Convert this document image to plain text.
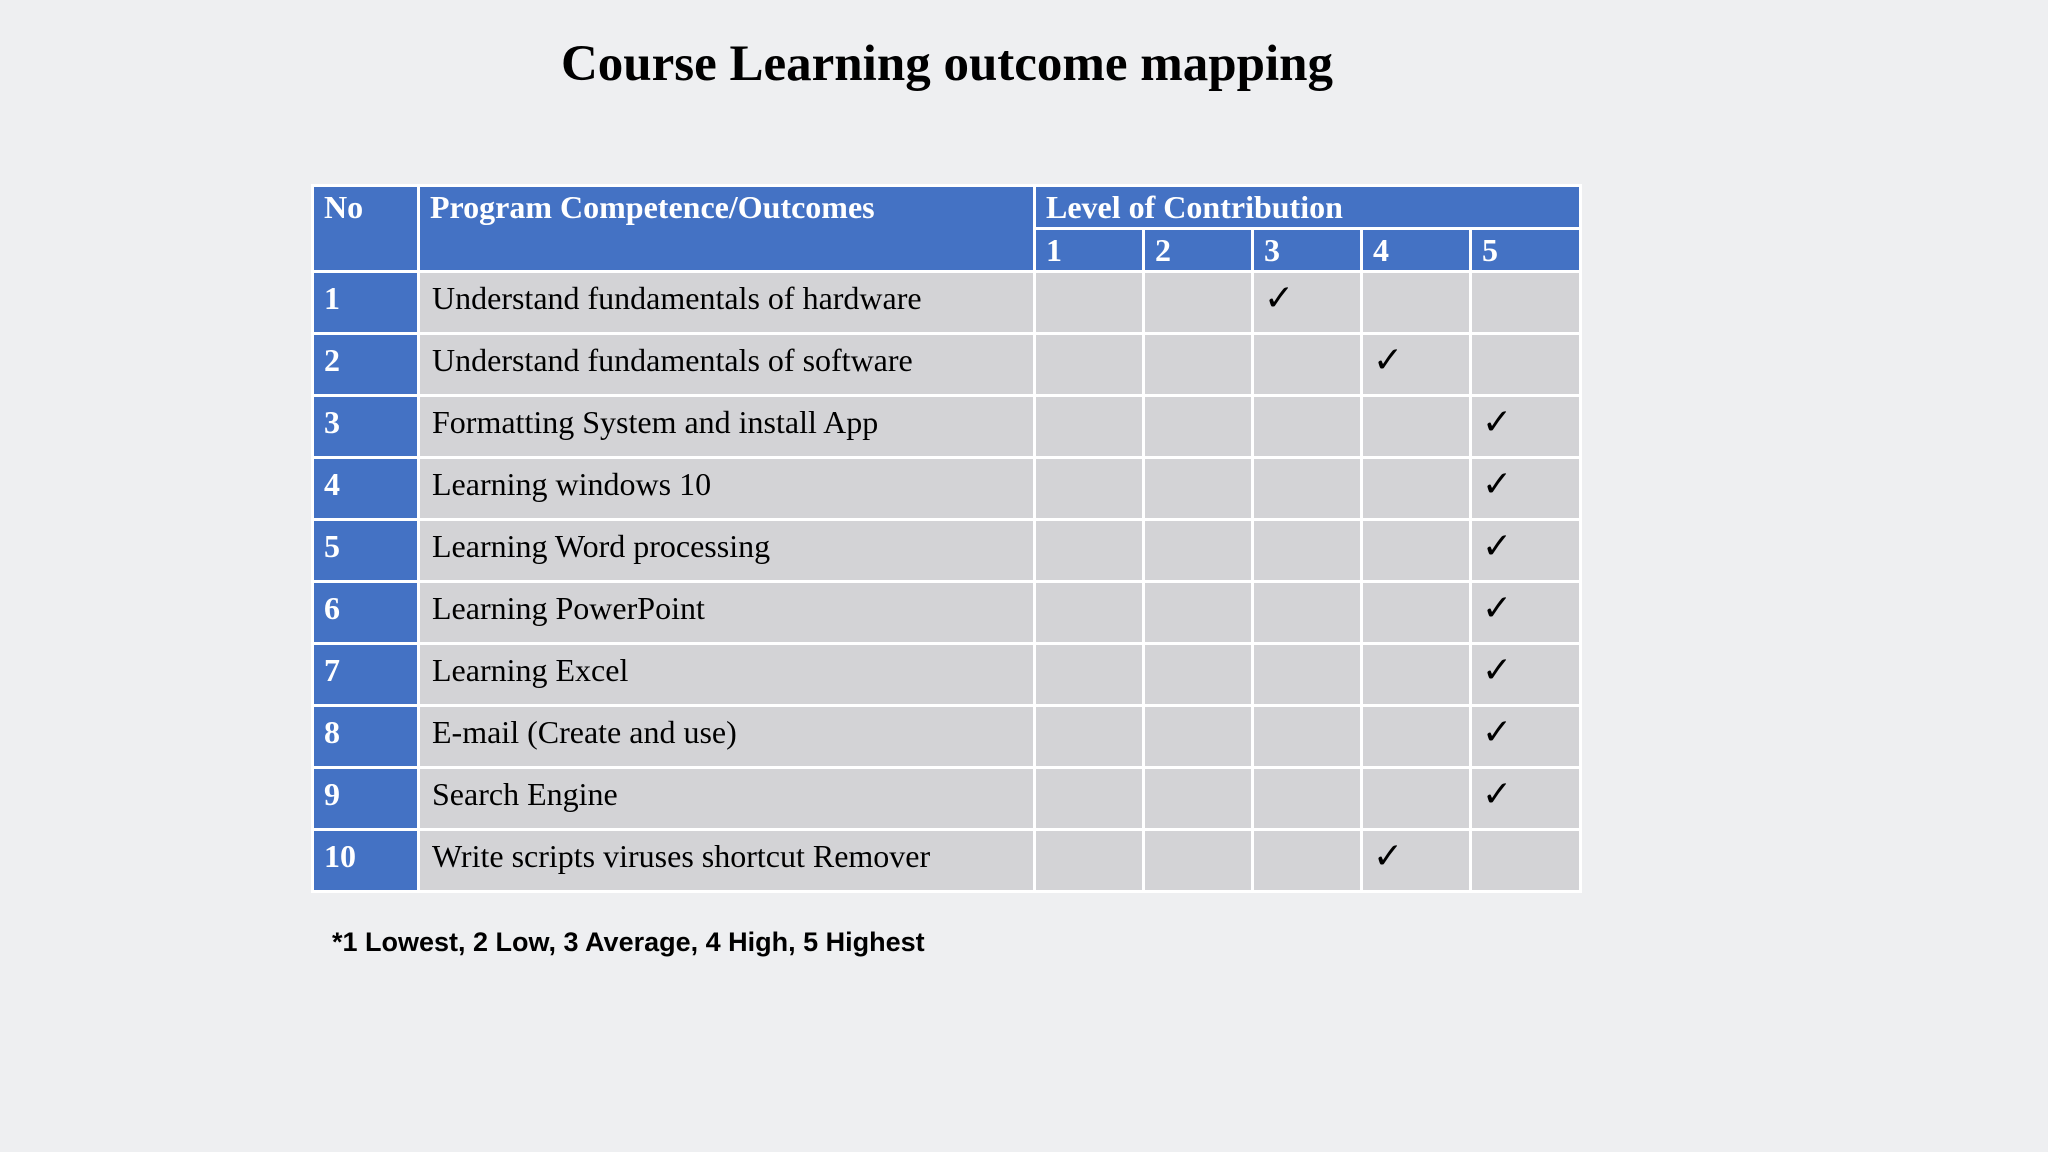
Course Learning outcome mapping
No	Program Competence/Outcomes	Level of Contribution				
		1	2	3	4	5
1	Understand fundamentals of hardware			✓		
2	Understand fundamentals of software				✓	
3	Formatting System and install App					✓
4	Learning windows 10					✓
5	Learning Word processing					✓
6	Learning PowerPoint					✓
7	Learning Excel					✓
8	E-mail (Create and use)					✓
9	Search Engine					✓
10	Write scripts viruses shortcut Remover				✓	
*1 Lowest, 2 Low, 3 Average, 4 High, 5 Highest
